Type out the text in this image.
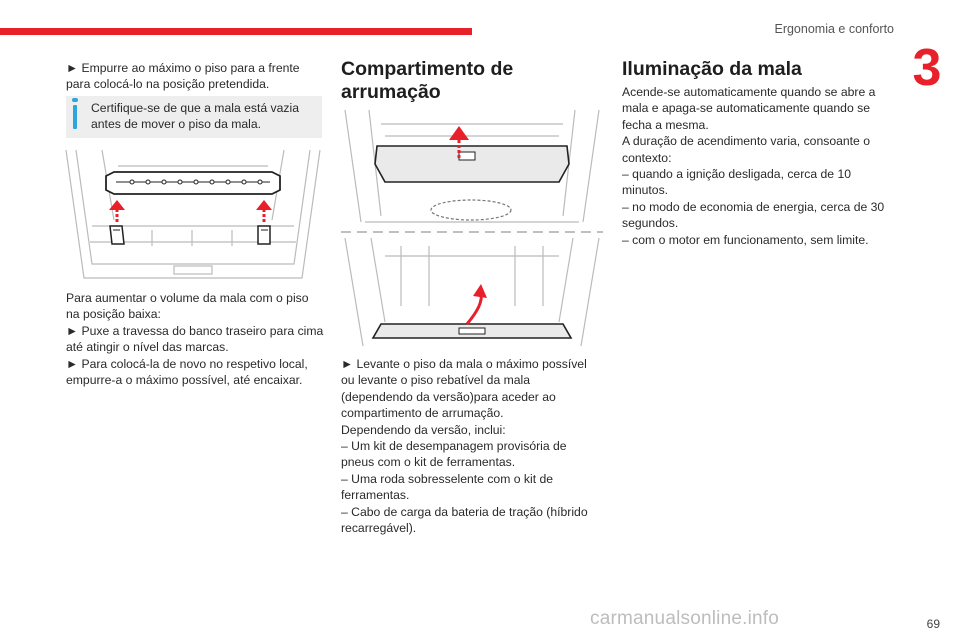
Ergonomia e conforto
3

► Empurre ao máximo o piso para a frente para colocá-lo na posição pretendida.

Certifique-se de que a mala está vazia antes de mover o piso da mala.

Para aumentar o volume da mala com o piso na posição baixa:

► Puxe a travessa do banco traseiro para cima até atingir o nível das marcas.

► Para colocá-la de novo no respetivo local, empurre-a o máximo possível, até encaixar.

Compartimento de arrumação

► Levante o piso da mala o máximo possível ou levante o piso rebatível da mala (dependendo da versão)para aceder ao compartimento de arrumação.

Dependendo da versão, inclui:

– Um kit de desempanagem provisória de pneus com o kit de ferramentas.

– Uma roda sobresselente com o kit de ferramentas.

– Cabo de carga da bateria de tração (híbrido recarregável).

Iluminação da mala

Acende-se automaticamente quando se abre a mala e apaga-se automaticamente quando se fecha a mesma.

A duração de acendimento varia, consoante o contexto:

– quando a ignição desligada, cerca de 10 minutos.

– no modo de economia de energia, cerca de 30 segundos.

– com o motor em funcionamento, sem limite.

carmanualsonline.info	69
